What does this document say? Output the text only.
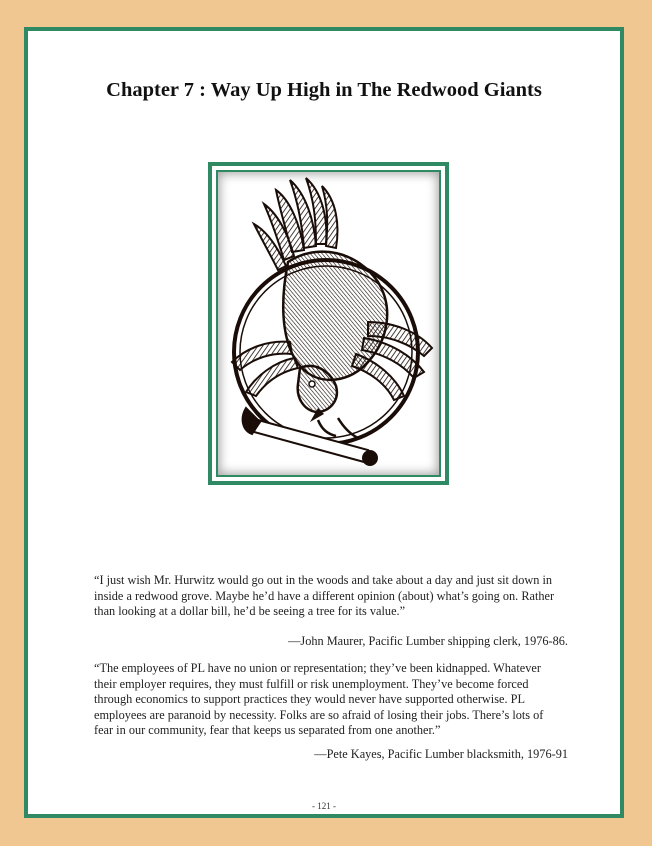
Chapter 7 : Way Up High in The Redwood Giants

“I just wish Mr. Hurwitz would go out in the woods and take about a day and just sit down in inside a redwood grove. Maybe he’d have a different opinion (about) what’s going on. Rather than looking at a dollar bill, he’d be seeing a tree for its value.”

—John Maurer, Pacific Lumber shipping clerk, 1976-86.

“The employees of PL have no union or representation; they’ve been kidnapped. Whatever their employer requires, they must fulfill or risk unemployment. They’ve become forced through economics to support practices they would never have supported otherwise. PL employees are paranoid by necessity. Folks are so afraid of losing their jobs. There’s lots of fear in our community, fear that keeps us separated from one another.”

—Pete Kayes, Pacific Lumber blacksmith, 1976-91

- 121 -
